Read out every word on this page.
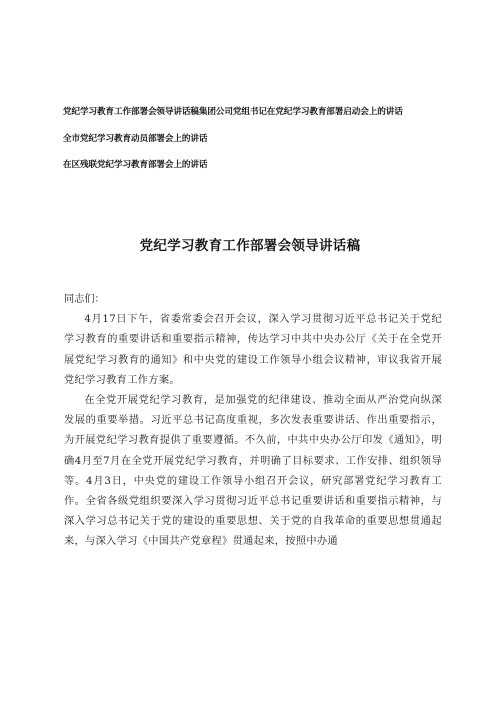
党纪学习教育工作部署会领导讲话稿集团公司党组书记在党纪学习教育部署启动会上的讲话
全市党纪学习教育动员部署会上的讲话
在区残联党纪学习教育部署会上的讲话
党纪学习教育工作部署会领导讲话稿

同志们：

4月17日下午，省委常委会召开会议，深入学习贯彻习近平总书记关于党纪学习教育的重要讲话和重要指示精神，传达学习中共中央办公厅《关于在全党开展党纪学习教育的通知》和中央党的建设工作领导小组会议精神，审议我省开展党纪学习教育工作方案。

在全党开展党纪学习教育，是加强党的纪律建设、推动全面从严治党向纵深发展的重要举措。习近平总书记高度重视，多次发表重要讲话、作出重要指示，为开展党纪学习教育提供了重要遵循。不久前，中共中央办公厅印发《通知》，明确4月至7月在全党开展党纪学习教育，并明确了目标要求、工作安排、组织领导等。4月3日，中央党的建设工作领导小组召开会议，研究部署党纪学习教育工作。全省各级党组织要深入学习贯彻习近平总书记重要讲话和重要指示精神，与深入学习总书记关于党的建设的重要思想、关于党的自我革命的重要思想贯通起来，与深入学习《中国共产党章程》贯通起来，按照中办通
